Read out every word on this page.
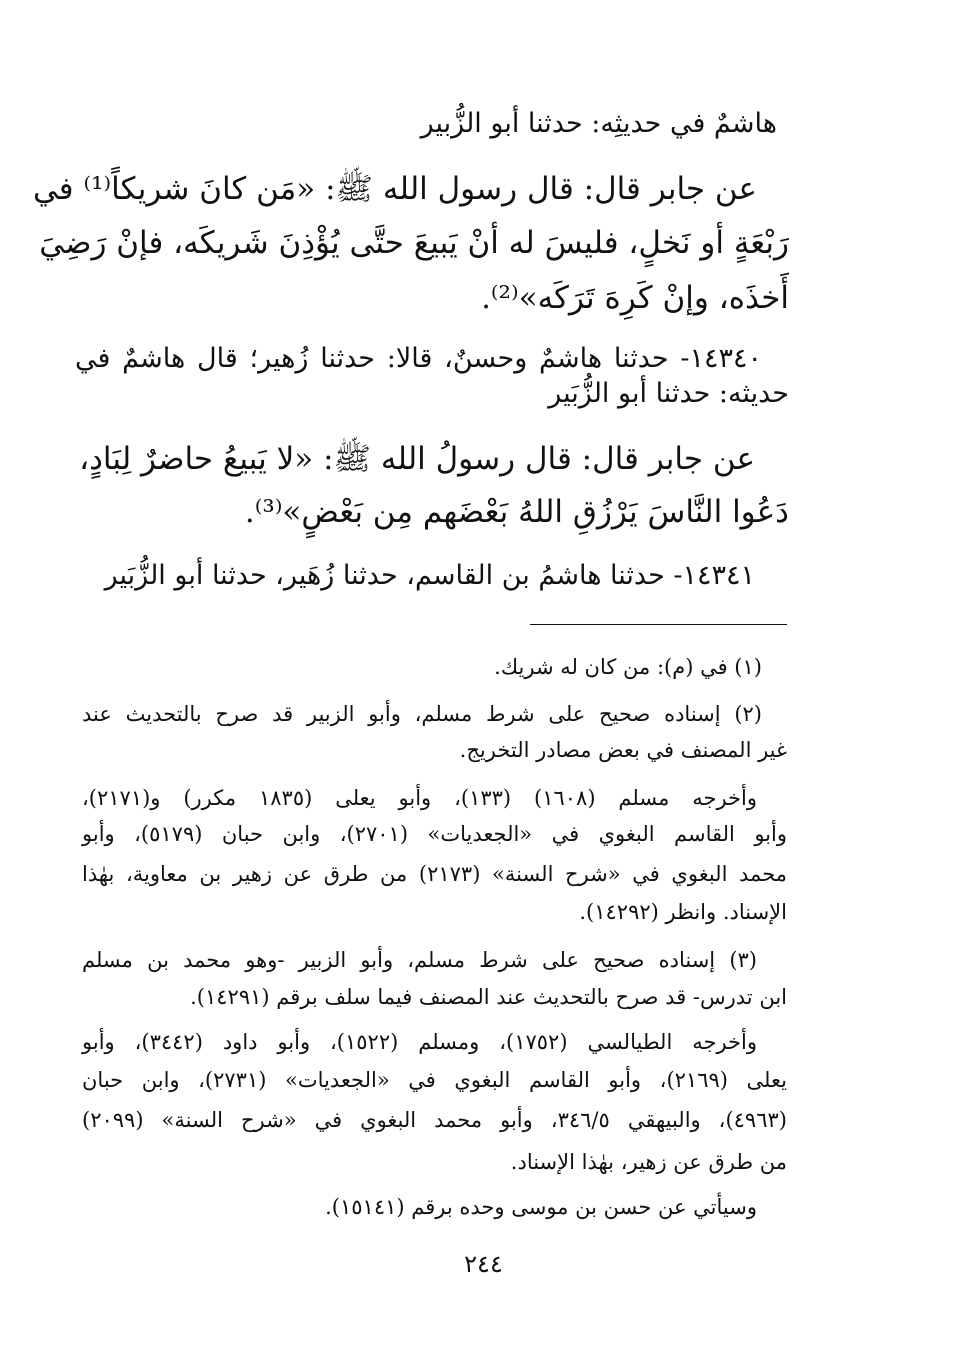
هاشمٌ في حديثِه: حدثنا أبو الزُّبير
عن جابر قال: قال رسول الله ﷺ: «مَن كانَ شريكاً⁽¹⁾ في
رَبْعَةٍ أو نَخلٍ، فليسَ له أنْ يَبيعَ حتَّى يُؤْذِنَ شَريكَه، فإنْ رَضِيَ
أَخذَه، وإنْ كَرِهَ تَرَكَه»⁽²⁾.
١٤٣٤٠- حدثنا هاشمٌ وحسنٌ، قالا: حدثنا زُهير؛ قال هاشمٌ في
حديثه: حدثنا أبو الزُّبَير
عن جابر قال: قال رسولُ الله ﷺ: «لا يَبيعُ حاضرٌ لِبَادٍ،
دَعُوا النَّاسَ يَرْزُقِ اللهُ بَعْضَهم مِن بَعْضٍ»⁽³⁾.
١٤٣٤١- حدثنا هاشمُ بن القاسم، حدثنا زُهَير، حدثنا أبو الزُّبَير
(١) في (م): من كان له شريك.
(٢) إسناده صحيح على شرط مسلم، وأبو الزبير قد صرح بالتحديث عند
غير المصنف في بعض مصادر التخريج.
وأخرجه مسلم (١٦٠٨) (١٣٣)، وأبو يعلى (١٨٣٥ مكرر) و(٢١٧١)،
وأبو القاسم البغوي في «الجعديات» (٢٧٠١)، وابن حبان (٥١٧٩)، وأبو
محمد البغوي في «شرح السنة» (٢١٧٣) من طرق عن زهير بن معاوية، بهٰذا
الإسناد. وانظر (١٤٢٩٢).
(٣) إسناده صحيح على شرط مسلم، وأبو الزبير -وهو محمد بن مسلم
ابن تدرس- قد صرح بالتحديث عند المصنف فيما سلف برقم (١٤٢٩١).
وأخرجه الطيالسي (١٧٥٢)، ومسلم (١٥٢٢)، وأبو داود (٣٤٤٢)، وأبو
يعلى (٢١٦٩)، وأبو القاسم البغوي في «الجعديات» (٢٧٣١)، وابن حبان
(٤٩٦٣)، والبيهقي ٣٤٦/٥، وأبو محمد البغوي في «شرح السنة» (٢٠٩٩)
من طرق عن زهير، بهٰذا الإسناد.
وسيأتي عن حسن بن موسى وحده برقم (١٥١٤١).
٢٤٤
